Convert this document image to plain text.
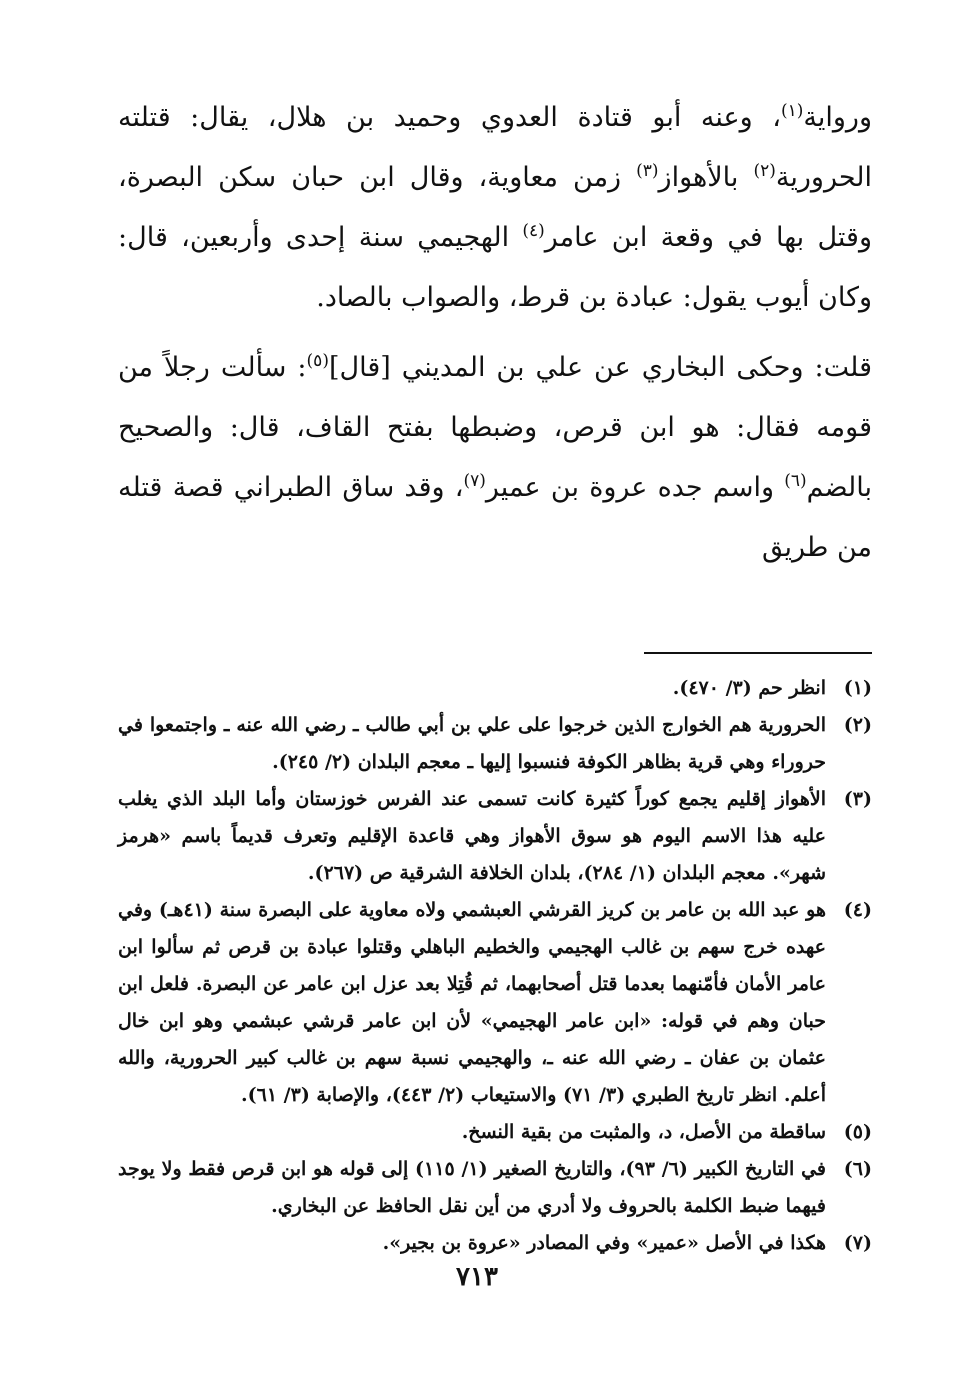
ورواية$^{(١)}$، وعنه أبو قتادة العدوي وحميد بن هلال، يقال: قتلته الحرورية$^{(٢)}$ بالأهواز$^{(٣)}$ زمن معاوية، وقال ابن حبان سكن البصرة، وقتل بها في وقعة ابن عامر$^{(٤)}$ الهجيمي سنة إحدى وأربعين، قال: وكان أيوب يقول: عبادة بن قرط، والصواب بالصاد.

قلت: وحكى البخاري عن علي بن المديني [قال]$^{(٥)}$: سألت رجلاً من قومه فقال: هو ابن قرص، وضبطها بفتح القاف، قال: والصحيح بالضم$^{(٦)}$ واسم جده عروة بن عمير$^{(٧)}$، وقد ساق الطبراني قصة قتله من طريق

(١)
انظر حم (٣/ ٤٧٠).
(٢)
الحرورية هم الخوارج الذين خرجوا على علي بن أبي طالب ـ رضي الله عنه ـ واجتمعوا في حروراء وهي قرية بظاهر الكوفة فنسبوا إليها ـ معجم البلدان (٢/ ٢٤٥).
(٣)
الأهواز إقليم يجمع كوراً كثيرة كانت تسمى عند الفرس خوزستان وأما البلد الذي يغلب عليه هذا الاسم اليوم هو سوق الأهواز وهي قاعدة الإقليم وتعرف قديماً باسم «هرمز شهر». معجم البلدان (١/ ٢٨٤)، بلدان الخلافة الشرقية ص (٢٦٧).
(٤)
هو عبد الله بن عامر بن كريز القرشي العبشمي ولاه معاوية على البصرة سنة (٤١هـ) وفي عهده خرج سهم بن غالب الهجيمي والخطيم الباهلي وقتلوا عبادة بن قرص ثم سألوا ابن عامر الأمان فأمّنهما بعدما قتل أصحابهما، ثم قُتِلا بعد عزل ابن عامر عن البصرة. فلعل ابن حبان وهم في قوله: «ابن عامر الهجيمي» لأن ابن عامر قرشي عبشمي وهو ابن خال عثمان بن عفان ـ رضي الله عنه ـ، والهجيمي نسبة سهم بن غالب كبير الحرورية، والله أعلم. انظر تاريخ الطبري (٣/ ٧١) والاستيعاب (٢/ ٤٤٣)، والإصابة (٣/ ٦١).
(٥)
ساقطة من الأصل، د، والمثبت من بقية النسخ.
(٦)
في التاريخ الكبير (٦/ ٩٣)، والتاريخ الصغير (١/ ١١٥) إلى قوله هو ابن قرص فقط ولا يوجد فيهما ضبط الكلمة بالحروف ولا أدري من أين نقل الحافظ عن البخاري.
(٧)
هكذا في الأصل «عمير» وفي المصادر «عروة بن بجير».
٧١٣
